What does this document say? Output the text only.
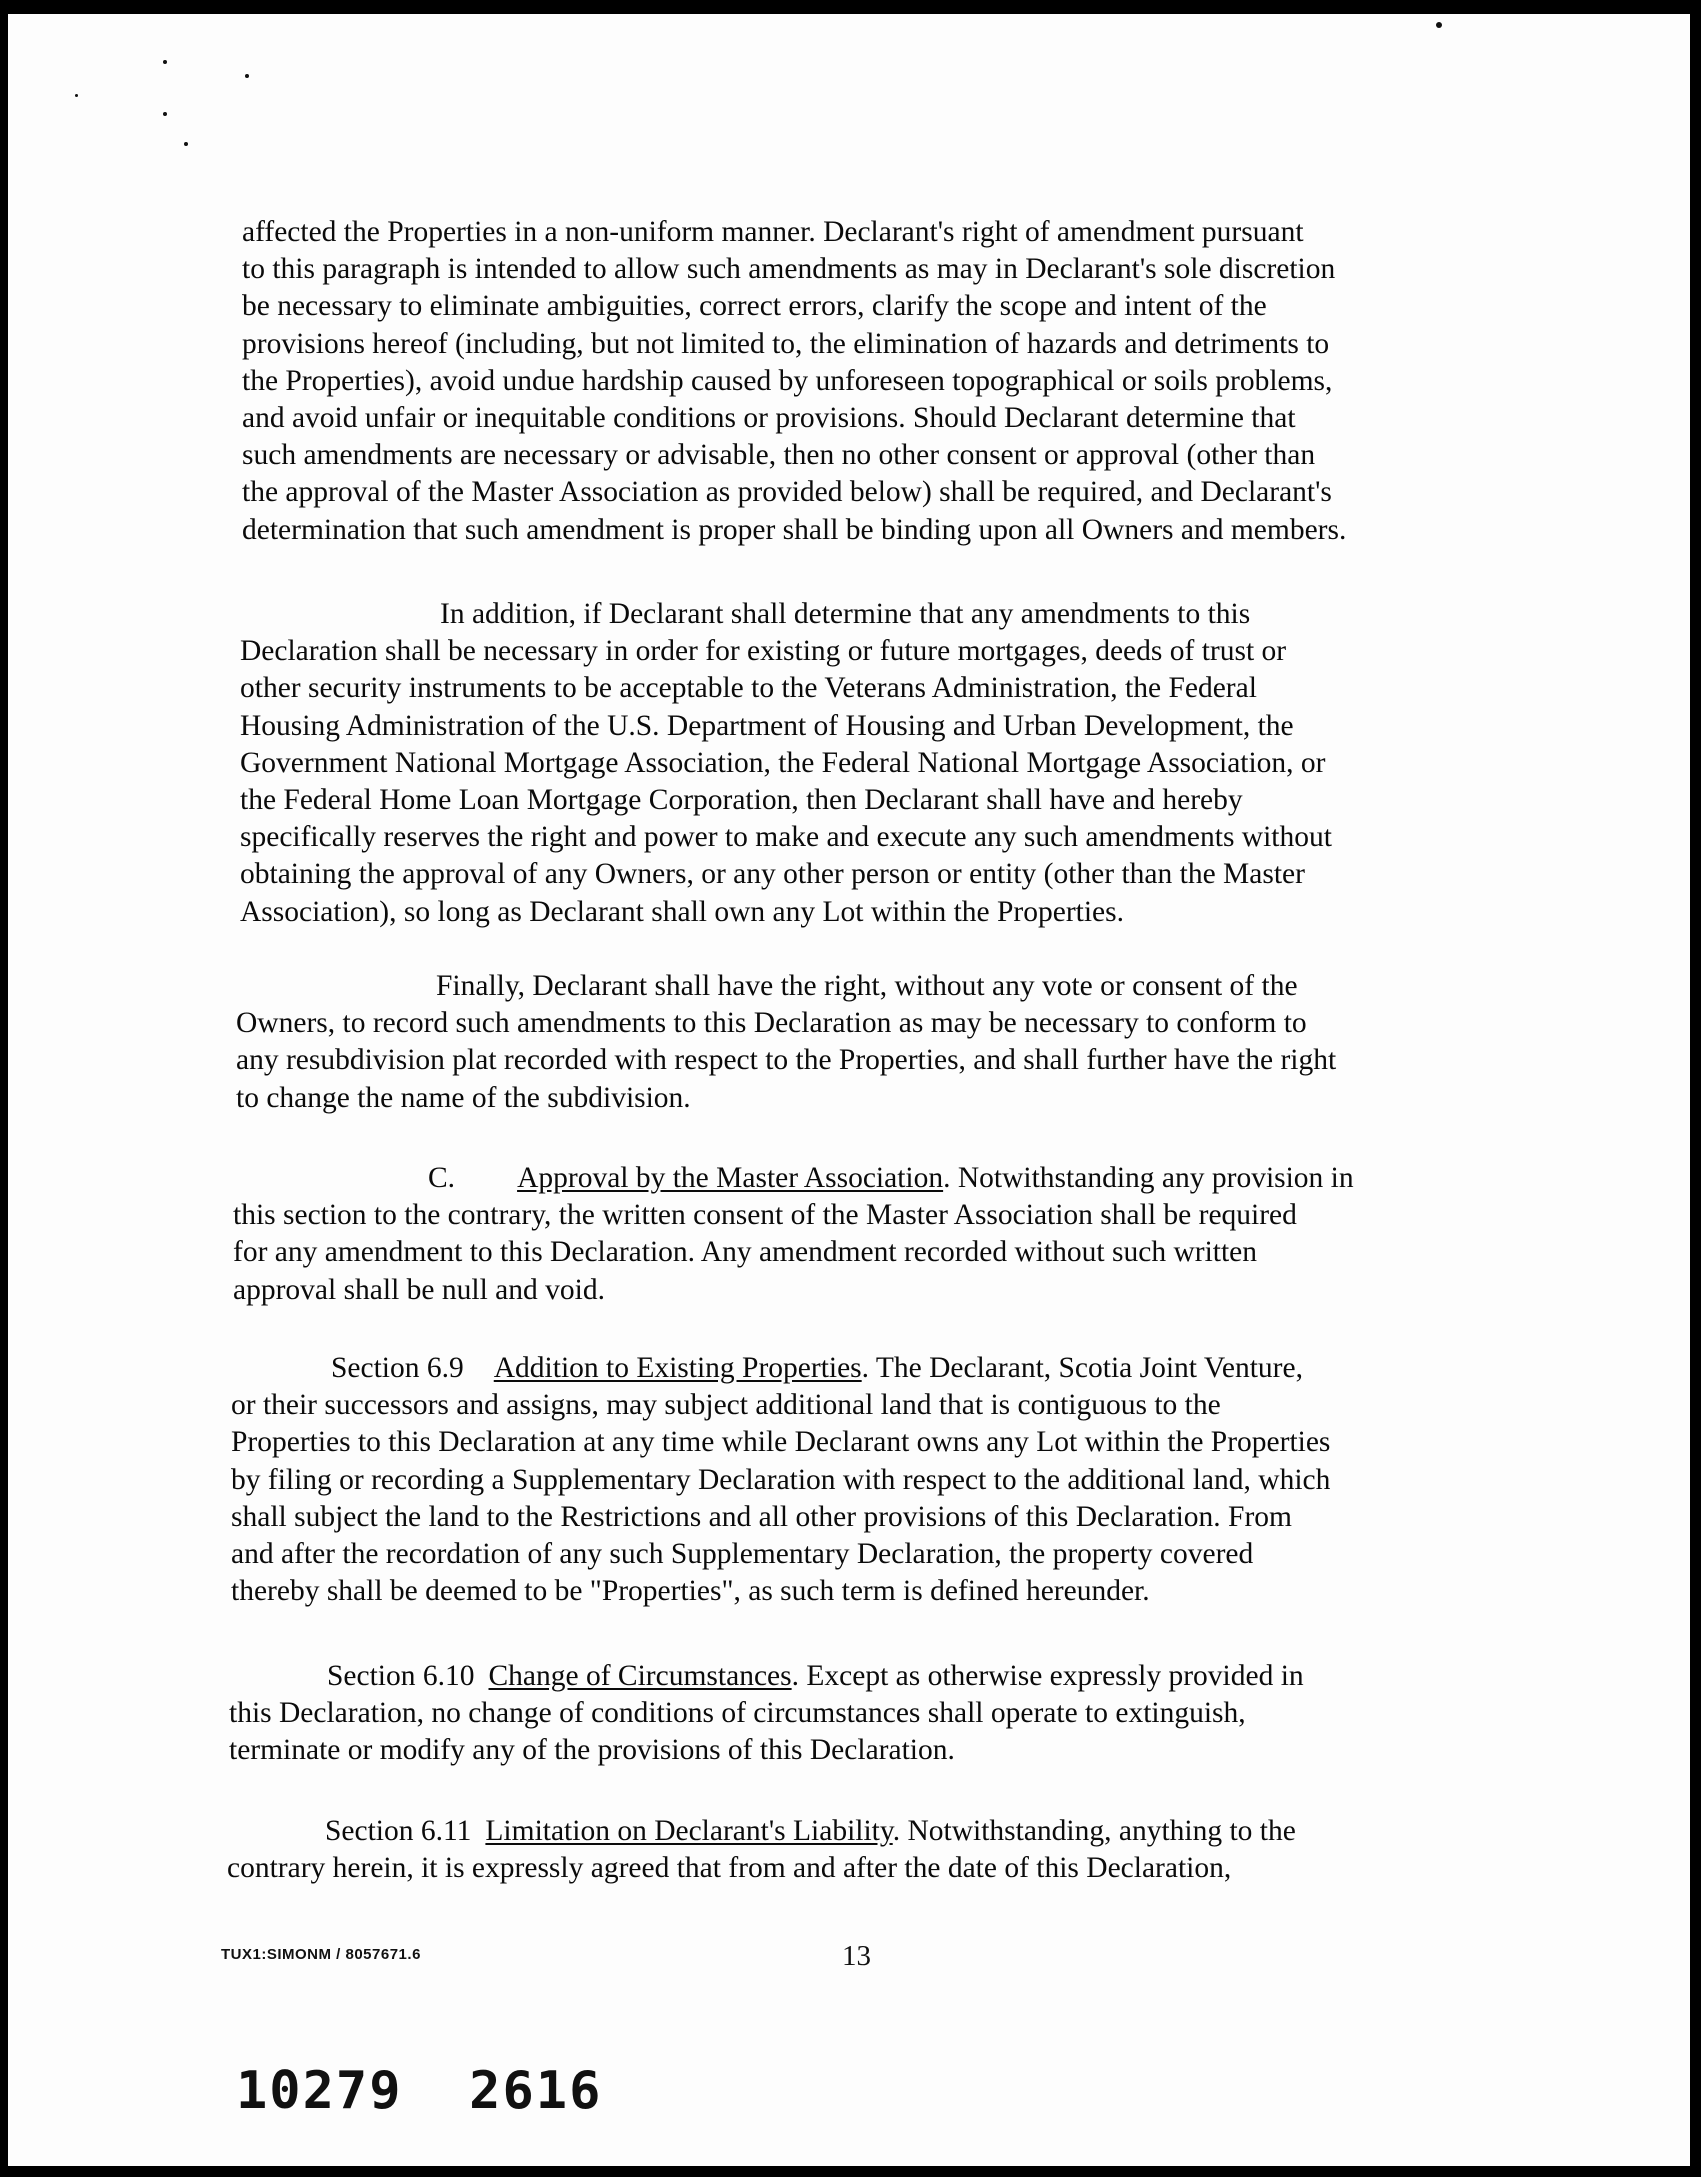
affected the Properties in a non-uniform manner. Declarant's right of amendment pursuant
to this paragraph is intended to allow such amendments as may in Declarant's sole discretion
be necessary to eliminate ambiguities, correct errors, clarify the scope and intent of the
provisions hereof (including, but not limited to, the elimination of hazards and detriments to
the Properties), avoid undue hardship caused by unforeseen topographical or soils problems,
and avoid unfair or inequitable conditions or provisions. Should Declarant determine that
such amendments are necessary or advisable, then no other consent or approval (other than
the approval of the Master Association as provided below) shall be required, and Declarant's
determination that such amendment is proper shall be binding upon all Owners and members.
In addition, if Declarant shall determine that any amendments to this
Declaration shall be necessary in order for existing or future mortgages, deeds of trust or
other security instruments to be acceptable to the Veterans Administration, the Federal
Housing Administration of the U.S. Department of Housing and Urban Development, the
Government National Mortgage Association, the Federal National Mortgage Association, or
the Federal Home Loan Mortgage Corporation, then Declarant shall have and hereby
specifically reserves the right and power to make and execute any such amendments without
obtaining the approval of any Owners, or any other person or entity (other than the Master
Association), so long as Declarant shall own any Lot within the Properties.
Finally, Declarant shall have the right, without any vote or consent of the
Owners, to record such amendments to this Declaration as may be necessary to conform to
any resubdivision plat recorded with respect to the Properties, and shall further have the right
to change the name of the subdivision.
C. Approval by the Master Association. Notwithstanding any provision in
this section to the contrary, the written consent of the Master Association shall be required
for any amendment to this Declaration. Any amendment recorded without such written
approval shall be null and void.
Section 6.9 Addition to Existing Properties. The Declarant, Scotia Joint Venture,
or their successors and assigns, may subject additional land that is contiguous to the
Properties to this Declaration at any time while Declarant owns any Lot within the Properties
by filing or recording a Supplementary Declaration with respect to the additional land, which
shall subject the land to the Restrictions and all other provisions of this Declaration. From
and after the recordation of any such Supplementary Declaration, the property covered
thereby shall be deemed to be "Properties", as such term is defined hereunder.
Section 6.10 Change of Circumstances. Except as otherwise expressly provided in
this Declaration, no change of conditions of circumstances shall operate to extinguish,
terminate or modify any of the provisions of this Declaration.
Section 6.11 Limitation on Declarant's Liability. Notwithstanding, anything to the
contrary herein, it is expressly agreed that from and after the date of this Declaration,
TUX1:SIMONM / 8057671.6	13
10279  2616
